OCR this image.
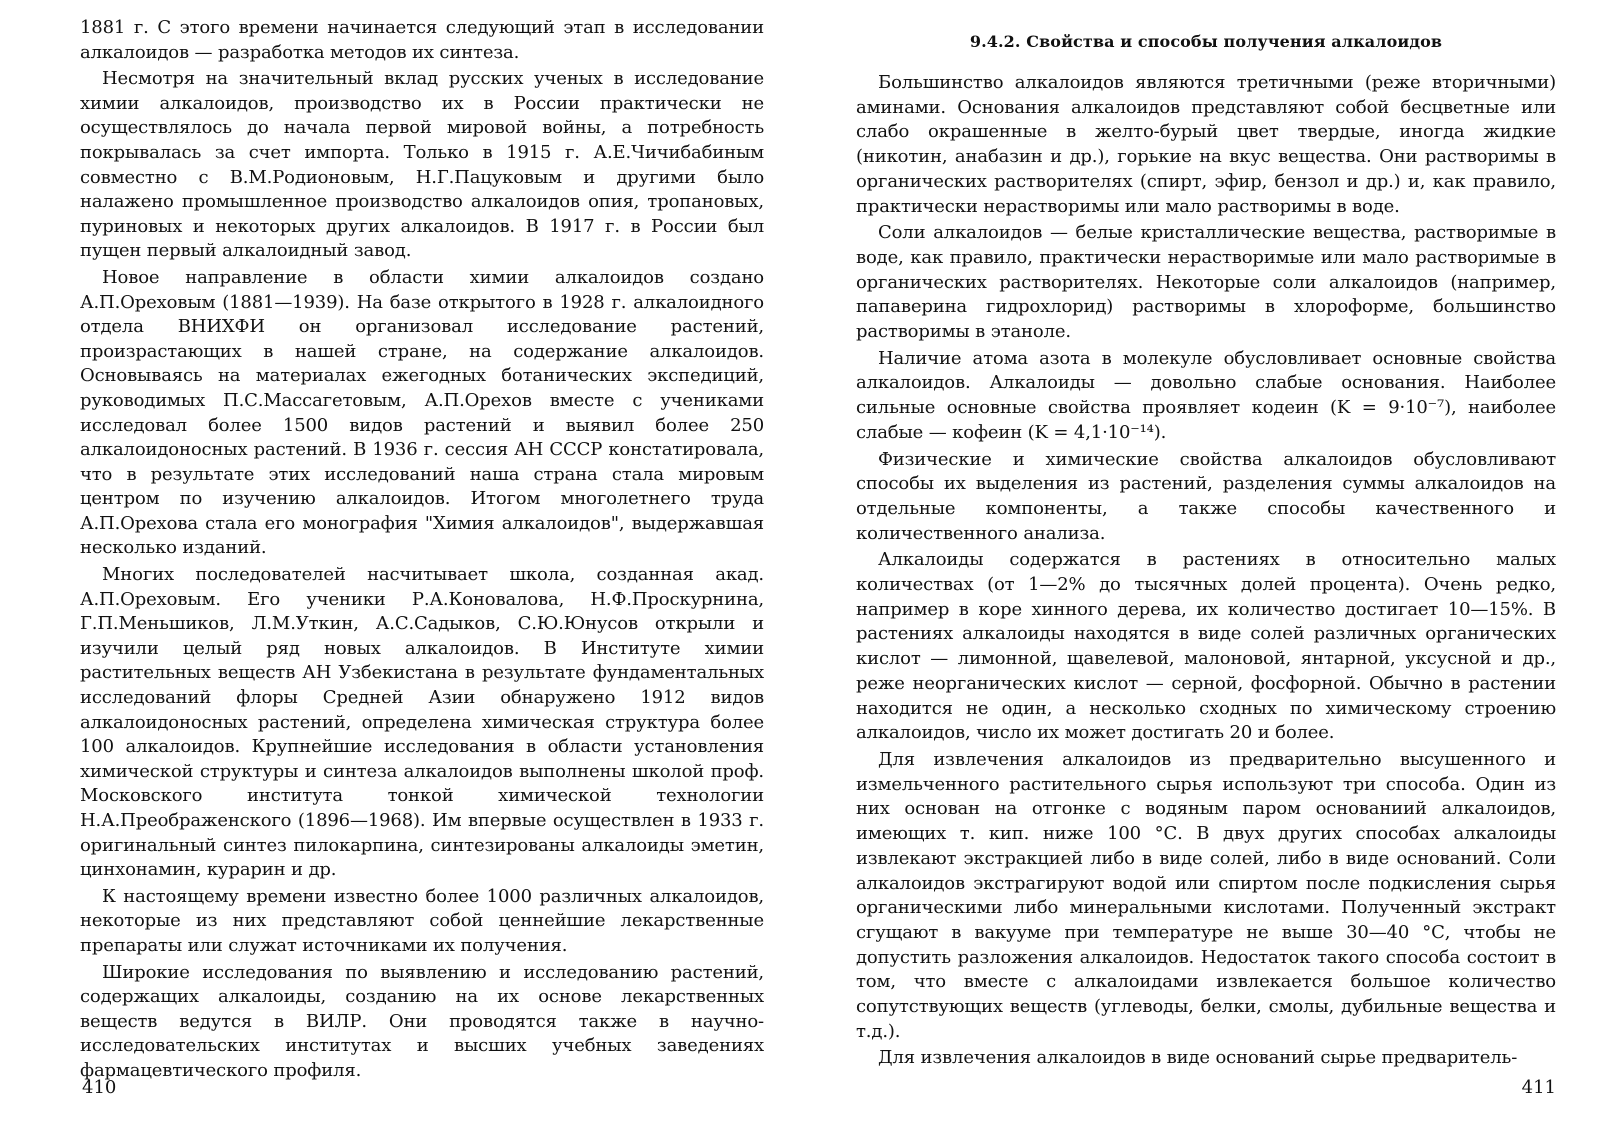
1881 г. С этого времени начинается следующий этап в исследовании алкалоидов — разработка методов их синтеза.

Несмотря на значительный вклад русских ученых в исследование химии алкалоидов, производство их в России практически не осуществлялось до начала первой мировой войны, а потребность покрывалась за счет импорта. Только в 1915 г. А.Е.Чичибабиным совместно с В.М.Родионовым, Н.Г.Пацуковым и другими было налажено промышленное производство алкалоидов опия, тропановых, пуриновых и некоторых других алкалоидов. В 1917 г. в России был пущен первый алкалоидный завод.

Новое направление в области химии алкалоидов создано А.П.Ореховым (1881—1939). На базе открытого в 1928 г. алкалоидного отдела ВНИХФИ он организовал исследование растений, произрастающих в нашей стране, на содержание алкалоидов. Основываясь на материалах ежегодных ботанических экспедиций, руководимых П.С.Массагетовым, А.П.Орехов вместе с учениками исследовал более 1500 видов растений и выявил более 250 алкалоидоносных растений. В 1936 г. сессия АН СССР констатировала, что в результате этих исследований наша страна стала мировым центром по изучению алкалоидов. Итогом многолетнего труда А.П.Орехова стала его монография "Химия алкалоидов", выдержавшая несколько изданий.

Многих последователей насчитывает школа, созданная акад. А.П.Ореховым. Его ученики Р.А.Коновалова, Н.Ф.Проскурнина, Г.П.Меньшиков, Л.М.Уткин, А.С.Садыков, С.Ю.Юнусов открыли и изучили целый ряд новых алкалоидов. В Институте химии растительных веществ АН Узбекистана в результате фундаментальных исследований флоры Средней Азии обнаружено 1912 видов алкалоидоносных растений, определена химическая структура более 100 алкалоидов. Крупнейшие исследования в области установления химической структуры и синтеза алкалоидов выполнены школой проф. Московского института тонкой химической технологии Н.А.Преображенского (1896—1968). Им впервые осуществлен в 1933 г. оригинальный синтез пилокарпина, синтезированы алкалоиды эметин, цинхонамин, курарин и др.

К настоящему времени известно более 1000 различных алкалоидов, некоторые из них представляют собой ценнейшие лекарственные препараты или служат источниками их получения.

Широкие исследования по выявлению и исследованию растений, содержащих алкалоиды, созданию на их основе лекарственных веществ ведутся в ВИЛР. Они проводятся также в научно-исследовательских институтах и высших учебных заведениях фармацевтического профиля.

410
9.4.2. Свойства и способы получения алкалоидов

Большинство алкалоидов являются третичными (реже вторичными) аминами. Основания алкалоидов представляют собой бесцветные или слабо окрашенные в желто-бурый цвет твердые, иногда жидкие (никотин, анабазин и др.), горькие на вкус вещества. Они растворимы в органических растворителях (спирт, эфир, бензол и др.) и, как правило, практически нерастворимы или мало растворимы в воде.

Соли алкалоидов — белые кристаллические вещества, растворимые в воде, как правило, практически нерастворимые или мало растворимые в органических растворителях. Некоторые соли алкалоидов (например, папаверина гидрохлорид) растворимы в хлороформе, большинство растворимы в этаноле.

Наличие атома азота в молекуле обусловливает основные свойства алкалоидов. Алкалоиды — довольно слабые основания. Наиболее сильные основные свойства проявляет кодеин (K = 9·10⁻⁷), наиболее слабые — кофеин (K = 4,1·10⁻¹⁴).

Физические и химические свойства алкалоидов обусловливают способы их выделения из растений, разделения суммы алкалоидов на отдельные компоненты, а также способы качественного и количественного анализа.

Алкалоиды содержатся в растениях в относительно малых количествах (от 1—2% до тысячных долей процента). Очень редко, например в коре хинного дерева, их количество достигает 10—15%. В растениях алкалоиды находятся в виде солей различных органических кислот — лимонной, щавелевой, малоновой, янтарной, уксусной и др., реже неорганических кислот — серной, фосфорной. Обычно в растении находится не один, а несколько сходных по химическому строению алкалоидов, число их может достигать 20 и более.

Для извлечения алкалоидов из предварительно высушенного и измельченного растительного сырья используют три способа. Один из них основан на отгонке с водяным паром основаниий алкалоидов, имеющих т. кип. ниже 100 °С. В двух других способах алкалоиды извлекают экстракцией либо в виде солей, либо в виде оснований. Соли алкалоидов экстрагируют водой или спиртом после подкисления сырья органическими либо минеральными кислотами. Полученный экстракт сгущают в вакууме при температуре не выше 30—40 °С, чтобы не допустить разложения алкалоидов. Недостаток такого способа состоит в том, что вместе с алкалоидами извлекается большое количество сопутствующих веществ (углеводы, белки, смолы, дубильные вещества и т.д.).

Для извлечения алкалоидов в виде оснований сырье предваритель-

411
